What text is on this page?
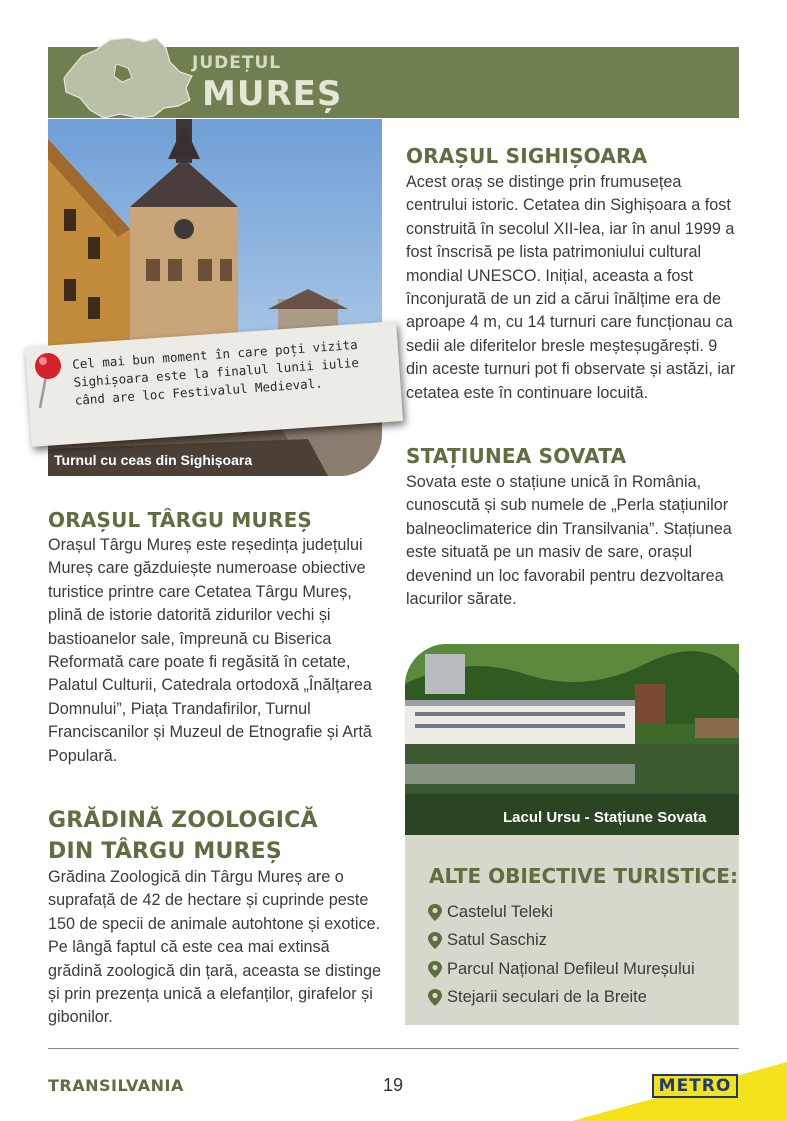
JUDEȚUL
MUREȘ
Turnul cu ceas din Sighișoara
Cel mai bun moment în care poți vizita Sighișoara este la finalul lunii iulie când are loc Festivalul Medieval.
ORAȘUL SIGHIȘOARA
Acest oraș se distinge prin frumusețea centrului istoric. Cetatea din Sighișoara a fost construită în secolul XII-lea, iar în anul 1999 a fost înscrisă pe lista patrimoniului cultural mondial UNESCO. Inițial, aceasta a fost înconjurată de un zid a cărui înălțime era de aproape 4 m, cu 14 turnuri care funcționau ca sedii ale diferitelor bresle meșteșugărești. 9 din aceste turnuri pot fi observate și astăzi, iar cetatea este în continuare locuită.
STAȚIUNEA SOVATA
Sovata este o stațiune unică în România, cunoscută și sub numele de „Perla stațiunilor balneoclimaterice din Transilvania”. Stațiunea este situată pe un masiv de sare, orașul devenind un loc favorabil pentru dezvoltarea lacurilor sărate.
ORAȘUL TÂRGU MUREȘ
Orașul Târgu Mureș este reședința județului Mureș care găzduiește numeroase obiective turistice printre care Cetatea Târgu Mureș, plină de istorie datorită zidurilor vechi și bastioanelor sale, împreună cu Biserica Reformată care poate fi regăsită în cetate, Palatul Culturii, Catedrala ortodoxă „Înălțarea Domnului”, Piața Trandafirilor, Turnul Franciscanilor și Muzeul de Etnografie și Artă Populară.
GRĂDINĂ ZOOLOGICĂ
DIN TÂRGU MUREȘ
Grădina Zoologică din Târgu Mureș are o suprafață de 42 de hectare și cuprinde peste 150 de specii de animale autohtone și exotice. Pe lângă faptul că este cea mai extinsă grădină zoologică din țară, aceasta se distinge și prin prezența unică a elefanților, girafelor și gibonilor.
Lacul Ursu - Stațiune Sovata
ALTE OBIECTIVE TURISTICE:
Castelul Teleki
Satul Saschiz
Parcul Național Defileul Mureșului
Stejarii seculari de la Breite
TRANSILVANIA	19	METRO
